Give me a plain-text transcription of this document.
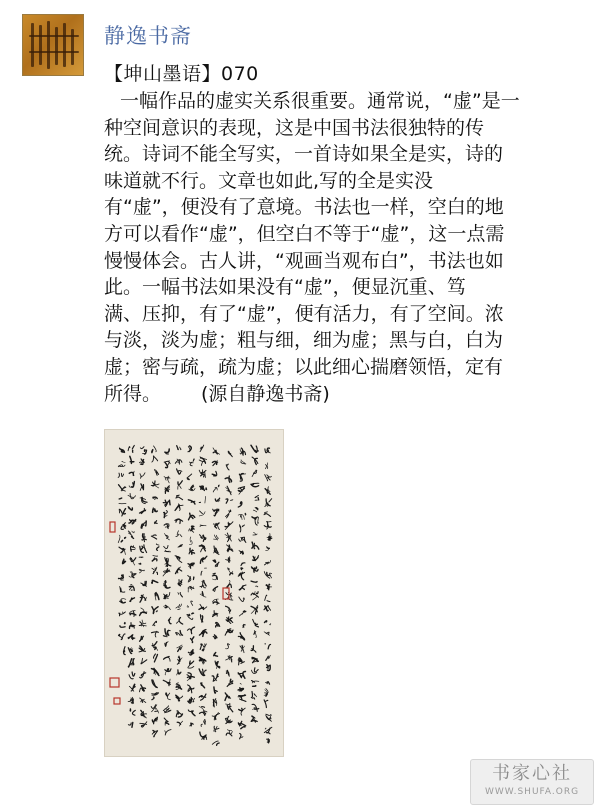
静逸书斋
【坤山墨语】070
一幅作品的虚实关系很重要。通常说，“虚”是一
种空间意识的表现，这是中国书法很独特的传
统。诗词不能全写实，一首诗如果全是实，诗的
味道就不行。文章也如此,写的全是实没
有“虚”，便没有了意境。书法也一样，空白的地
方可以看作“虚”，但空白不等于“虚”，这一点需
慢慢体会。古人讲，“观画当观布白”，书法也如
此。一幅书法如果没有“虚”，便显沉重、笃
满、压抑，有了“虚”，便有活力，有了空间。浓
与淡，淡为虚；粗与细，细为虚；黑与白，白为
虚；密与疏，疏为虚；以此细心揣磨领悟，定有
所得。 (源自静逸书斋)
书家心社
WWW.SHUFA.ORG
